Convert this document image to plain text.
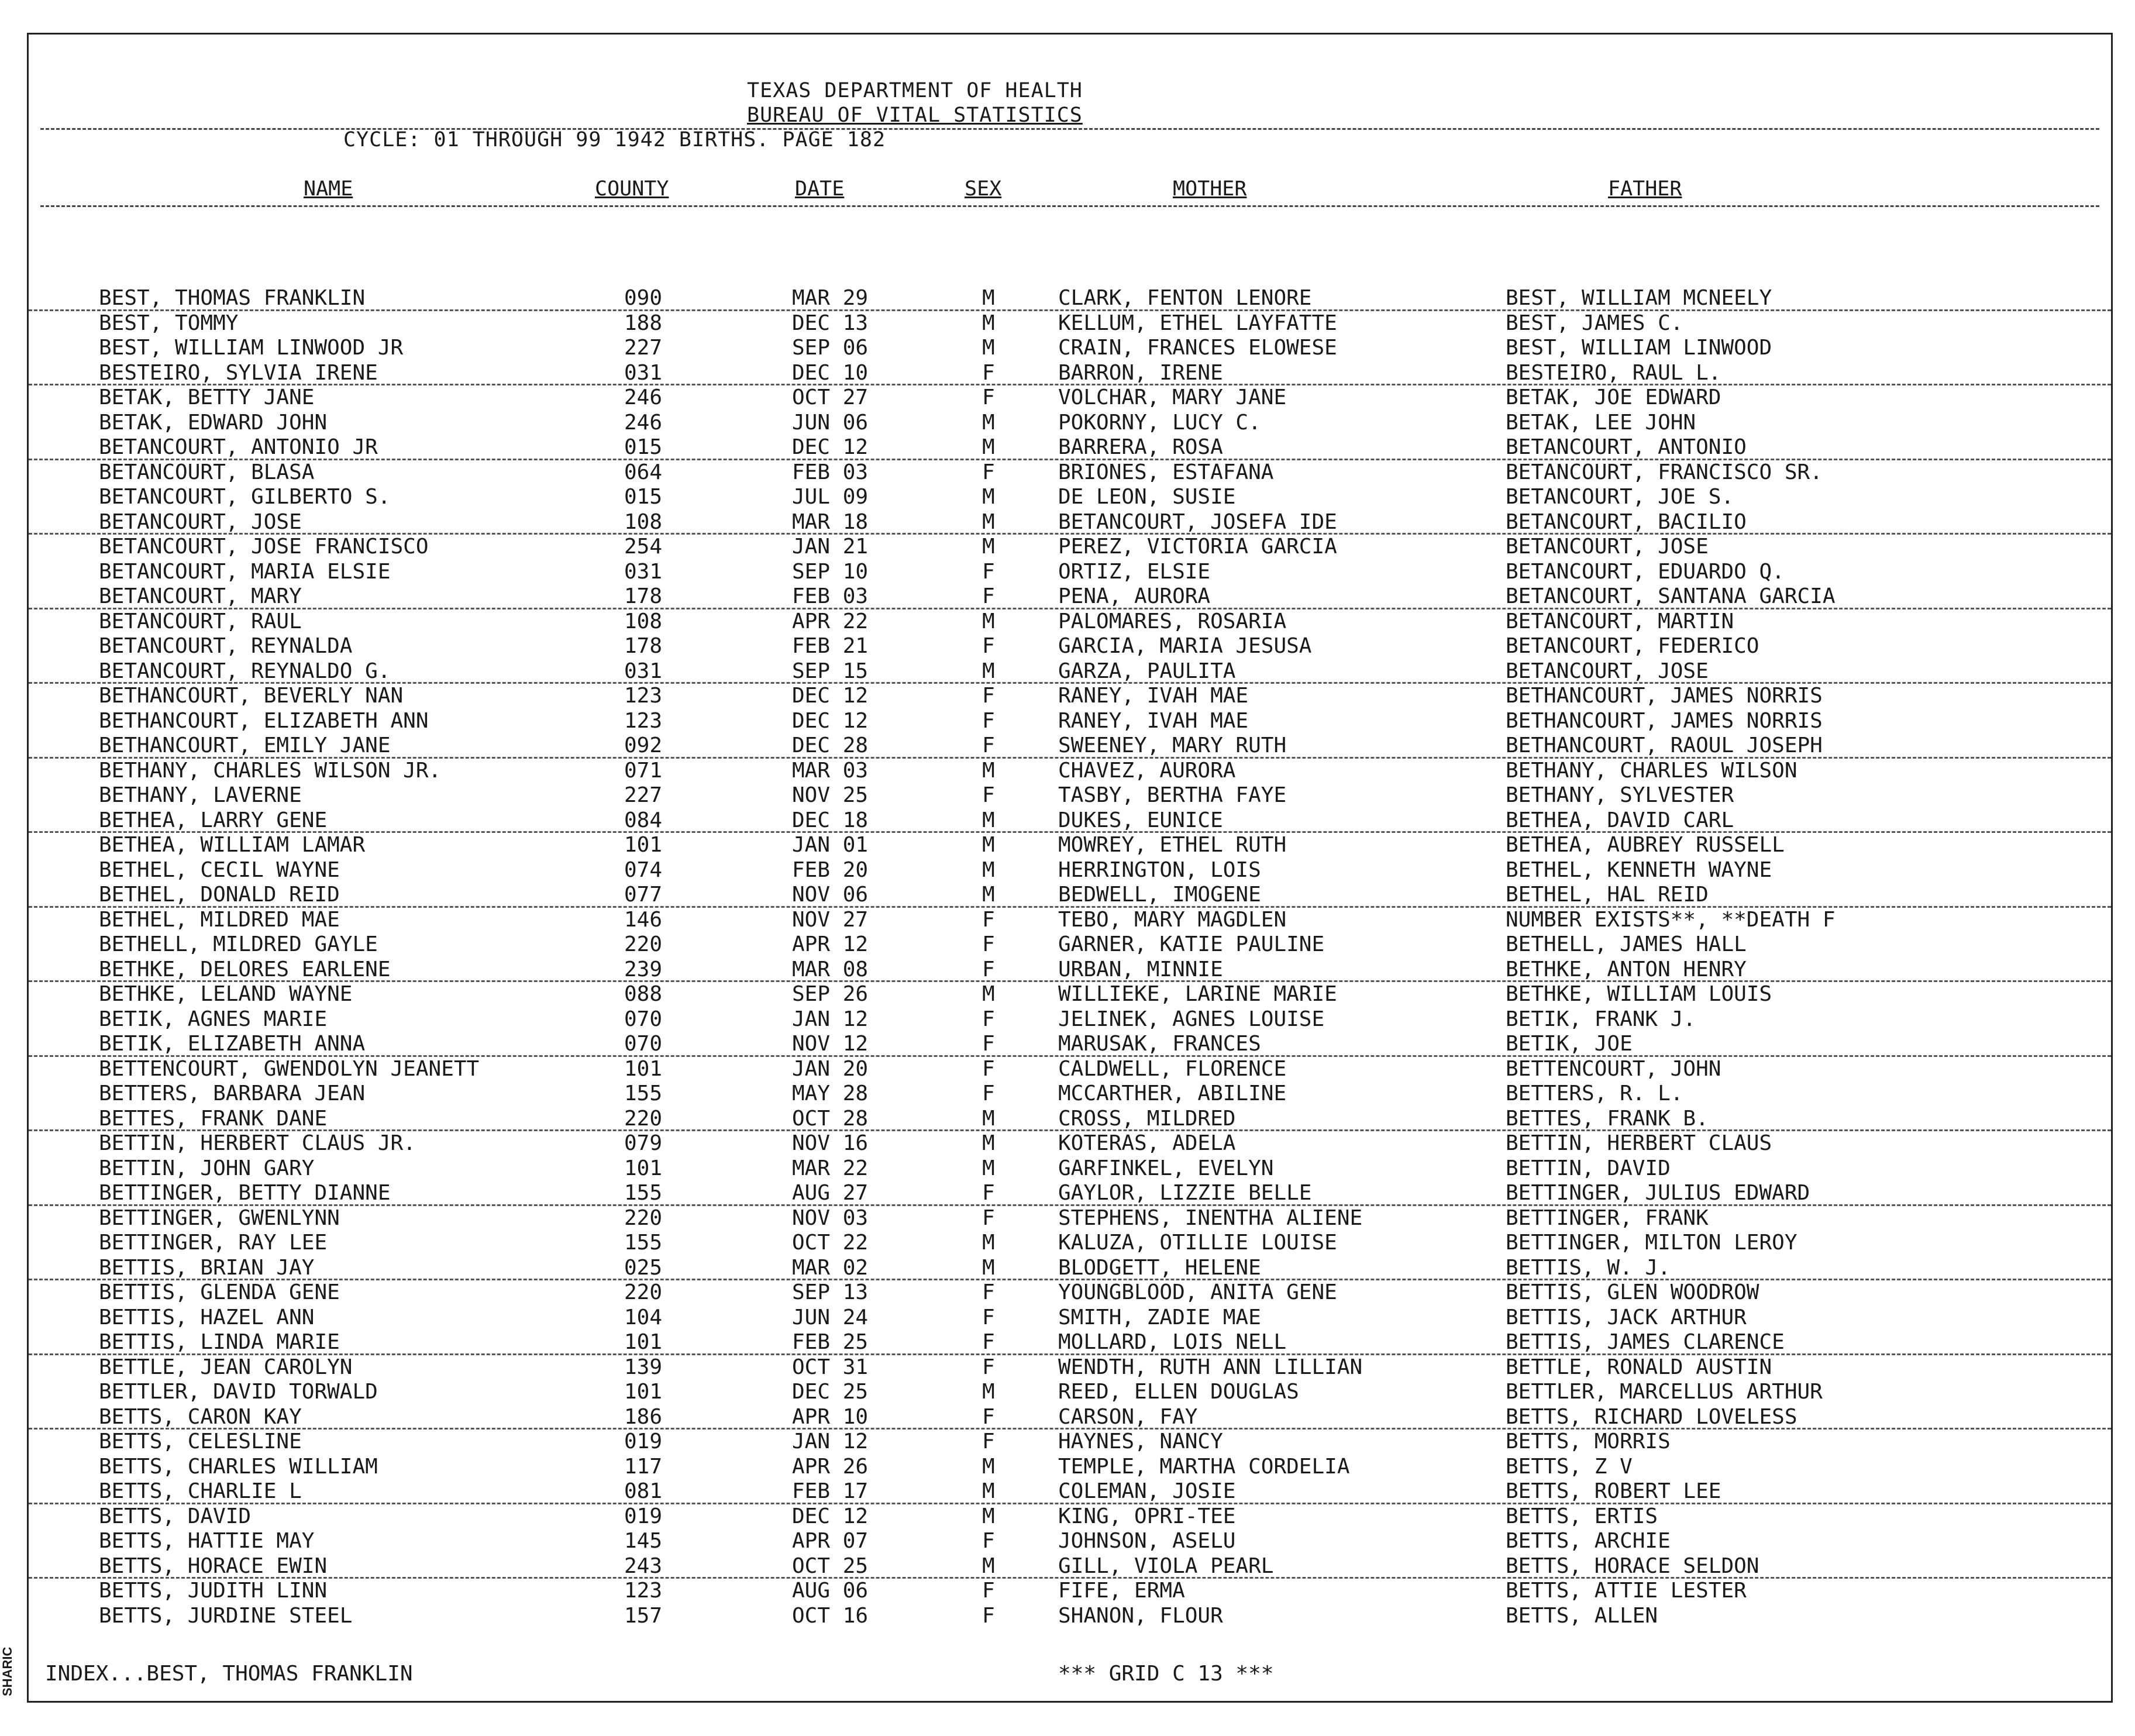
TEXAS DEPARTMENT OF HEALTH
BUREAU OF VITAL STATISTICS
CYCLE: 01 THROUGH 99 1942 BIRTHS. PAGE 182
NAME	COUNTY	DATE	SEX	MOTHER	FATHER
BEST, THOMAS FRANKLIN	090	MAR 29	M	CLARK, FENTON LENORE	BEST, WILLIAM MCNEELY
BEST, TOMMY	188	DEC 13	M	KELLUM, ETHEL LAYFATTE	BEST, JAMES C.
BEST, WILLIAM LINWOOD JR	227	SEP 06	M	CRAIN, FRANCES ELOWESE	BEST, WILLIAM LINWOOD
BESTEIRO, SYLVIA IRENE	031	DEC 10	F	BARRON, IRENE	BESTEIRO, RAUL L.
BETAK, BETTY JANE	246	OCT 27	F	VOLCHAR, MARY JANE	BETAK, JOE EDWARD
BETAK, EDWARD JOHN	246	JUN 06	M	POKORNY, LUCY C.	BETAK, LEE JOHN
BETANCOURT, ANTONIO JR	015	DEC 12	M	BARRERA, ROSA	BETANCOURT, ANTONIO
BETANCOURT, BLASA	064	FEB 03	F	BRIONES, ESTAFANA	BETANCOURT, FRANCISCO SR.
BETANCOURT, GILBERTO S.	015	JUL 09	M	DE LEON, SUSIE	BETANCOURT, JOE S.
BETANCOURT, JOSE	108	MAR 18	M	BETANCOURT, JOSEFA IDE	BETANCOURT, BACILIO
BETANCOURT, JOSE FRANCISCO	254	JAN 21	M	PEREZ, VICTORIA GARCIA	BETANCOURT, JOSE
BETANCOURT, MARIA ELSIE	031	SEP 10	F	ORTIZ, ELSIE	BETANCOURT, EDUARDO Q.
BETANCOURT, MARY	178	FEB 03	F	PENA, AURORA	BETANCOURT, SANTANA GARCIA
BETANCOURT, RAUL	108	APR 22	M	PALOMARES, ROSARIA	BETANCOURT, MARTIN
BETANCOURT, REYNALDA	178	FEB 21	F	GARCIA, MARIA JESUSA	BETANCOURT, FEDERICO
BETANCOURT, REYNALDO G.	031	SEP 15	M	GARZA, PAULITA	BETANCOURT, JOSE
BETHANCOURT, BEVERLY NAN	123	DEC 12	F	RANEY, IVAH MAE	BETHANCOURT, JAMES NORRIS
BETHANCOURT, ELIZABETH ANN	123	DEC 12	F	RANEY, IVAH MAE	BETHANCOURT, JAMES NORRIS
BETHANCOURT, EMILY JANE	092	DEC 28	F	SWEENEY, MARY RUTH	BETHANCOURT, RAOUL JOSEPH
BETHANY, CHARLES WILSON JR.	071	MAR 03	M	CHAVEZ, AURORA	BETHANY, CHARLES WILSON
BETHANY, LAVERNE	227	NOV 25	F	TASBY, BERTHA FAYE	BETHANY, SYLVESTER
BETHEA, LARRY GENE	084	DEC 18	M	DUKES, EUNICE	BETHEA, DAVID CARL
BETHEA, WILLIAM LAMAR	101	JAN 01	M	MOWREY, ETHEL RUTH	BETHEA, AUBREY RUSSELL
BETHEL, CECIL WAYNE	074	FEB 20	M	HERRINGTON, LOIS	BETHEL, KENNETH WAYNE
BETHEL, DONALD REID	077	NOV 06	M	BEDWELL, IMOGENE	BETHEL, HAL REID
BETHEL, MILDRED MAE	146	NOV 27	F	TEBO, MARY MAGDLEN	NUMBER EXISTS**, **DEATH F
BETHELL, MILDRED GAYLE	220	APR 12	F	GARNER, KATIE PAULINE	BETHELL, JAMES HALL
BETHKE, DELORES EARLENE	239	MAR 08	F	URBAN, MINNIE	BETHKE, ANTON HENRY
BETHKE, LELAND WAYNE	088	SEP 26	M	WILLIEKE, LARINE MARIE	BETHKE, WILLIAM LOUIS
BETIK, AGNES MARIE	070	JAN 12	F	JELINEK, AGNES LOUISE	BETIK, FRANK J.
BETIK, ELIZABETH ANNA	070	NOV 12	F	MARUSAK, FRANCES	BETIK, JOE
BETTENCOURT, GWENDOLYN JEANETT	101	JAN 20	F	CALDWELL, FLORENCE	BETTENCOURT, JOHN
BETTERS, BARBARA JEAN	155	MAY 28	F	MCCARTHER, ABILINE	BETTERS, R. L.
BETTES, FRANK DANE	220	OCT 28	M	CROSS, MILDRED	BETTES, FRANK B.
BETTIN, HERBERT CLAUS JR.	079	NOV 16	M	KOTERAS, ADELA	BETTIN, HERBERT CLAUS
BETTIN, JOHN GARY	101	MAR 22	M	GARFINKEL, EVELYN	BETTIN, DAVID
BETTINGER, BETTY DIANNE	155	AUG 27	F	GAYLOR, LIZZIE BELLE	BETTINGER, JULIUS EDWARD
BETTINGER, GWENLYNN	220	NOV 03	F	STEPHENS, INENTHA ALIENE	BETTINGER, FRANK
BETTINGER, RAY LEE	155	OCT 22	M	KALUZA, OTILLIE LOUISE	BETTINGER, MILTON LEROY
BETTIS, BRIAN JAY	025	MAR 02	M	BLODGETT, HELENE	BETTIS, W. J.
BETTIS, GLENDA GENE	220	SEP 13	F	YOUNGBLOOD, ANITA GENE	BETTIS, GLEN WOODROW
BETTIS, HAZEL ANN	104	JUN 24	F	SMITH, ZADIE MAE	BETTIS, JACK ARTHUR
BETTIS, LINDA MARIE	101	FEB 25	F	MOLLARD, LOIS NELL	BETTIS, JAMES CLARENCE
BETTLE, JEAN CAROLYN	139	OCT 31	F	WENDTH, RUTH ANN LILLIAN	BETTLE, RONALD AUSTIN
BETTLER, DAVID TORWALD	101	DEC 25	M	REED, ELLEN DOUGLAS	BETTLER, MARCELLUS ARTHUR
BETTS, CARON KAY	186	APR 10	F	CARSON, FAY	BETTS, RICHARD LOVELESS
BETTS, CELESLINE	019	JAN 12	F	HAYNES, NANCY	BETTS, MORRIS
BETTS, CHARLES WILLIAM	117	APR 26	M	TEMPLE, MARTHA CORDELIA	BETTS, Z V
BETTS, CHARLIE L	081	FEB 17	M	COLEMAN, JOSIE	BETTS, ROBERT LEE
BETTS, DAVID	019	DEC 12	M	KING, OPRI-TEE	BETTS, ERTIS
BETTS, HATTIE MAY	145	APR 07	F	JOHNSON, ASELU	BETTS, ARCHIE
BETTS, HORACE EWIN	243	OCT 25	M	GILL, VIOLA PEARL	BETTS, HORACE SELDON
BETTS, JUDITH LINN	123	AUG 06	F	FIFE, ERMA	BETTS, ATTIE LESTER
BETTS, JURDINE STEEL	157	OCT 16	F	SHANON, FLOUR	BETTS, ALLEN
INDEX...BEST, THOMAS FRANKLIN	*** GRID C 13 ***
SHARIC
